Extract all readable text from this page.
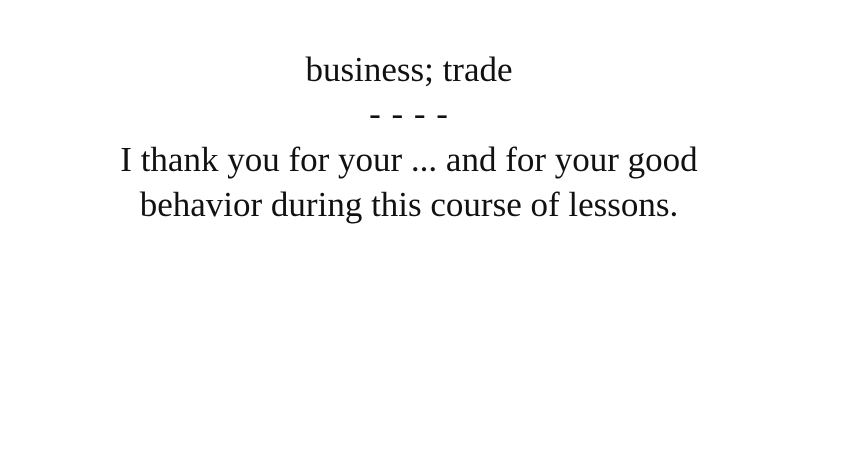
business; trade
- - - -
I thank you for your ... and for your good
behavior during this course of lessons.
